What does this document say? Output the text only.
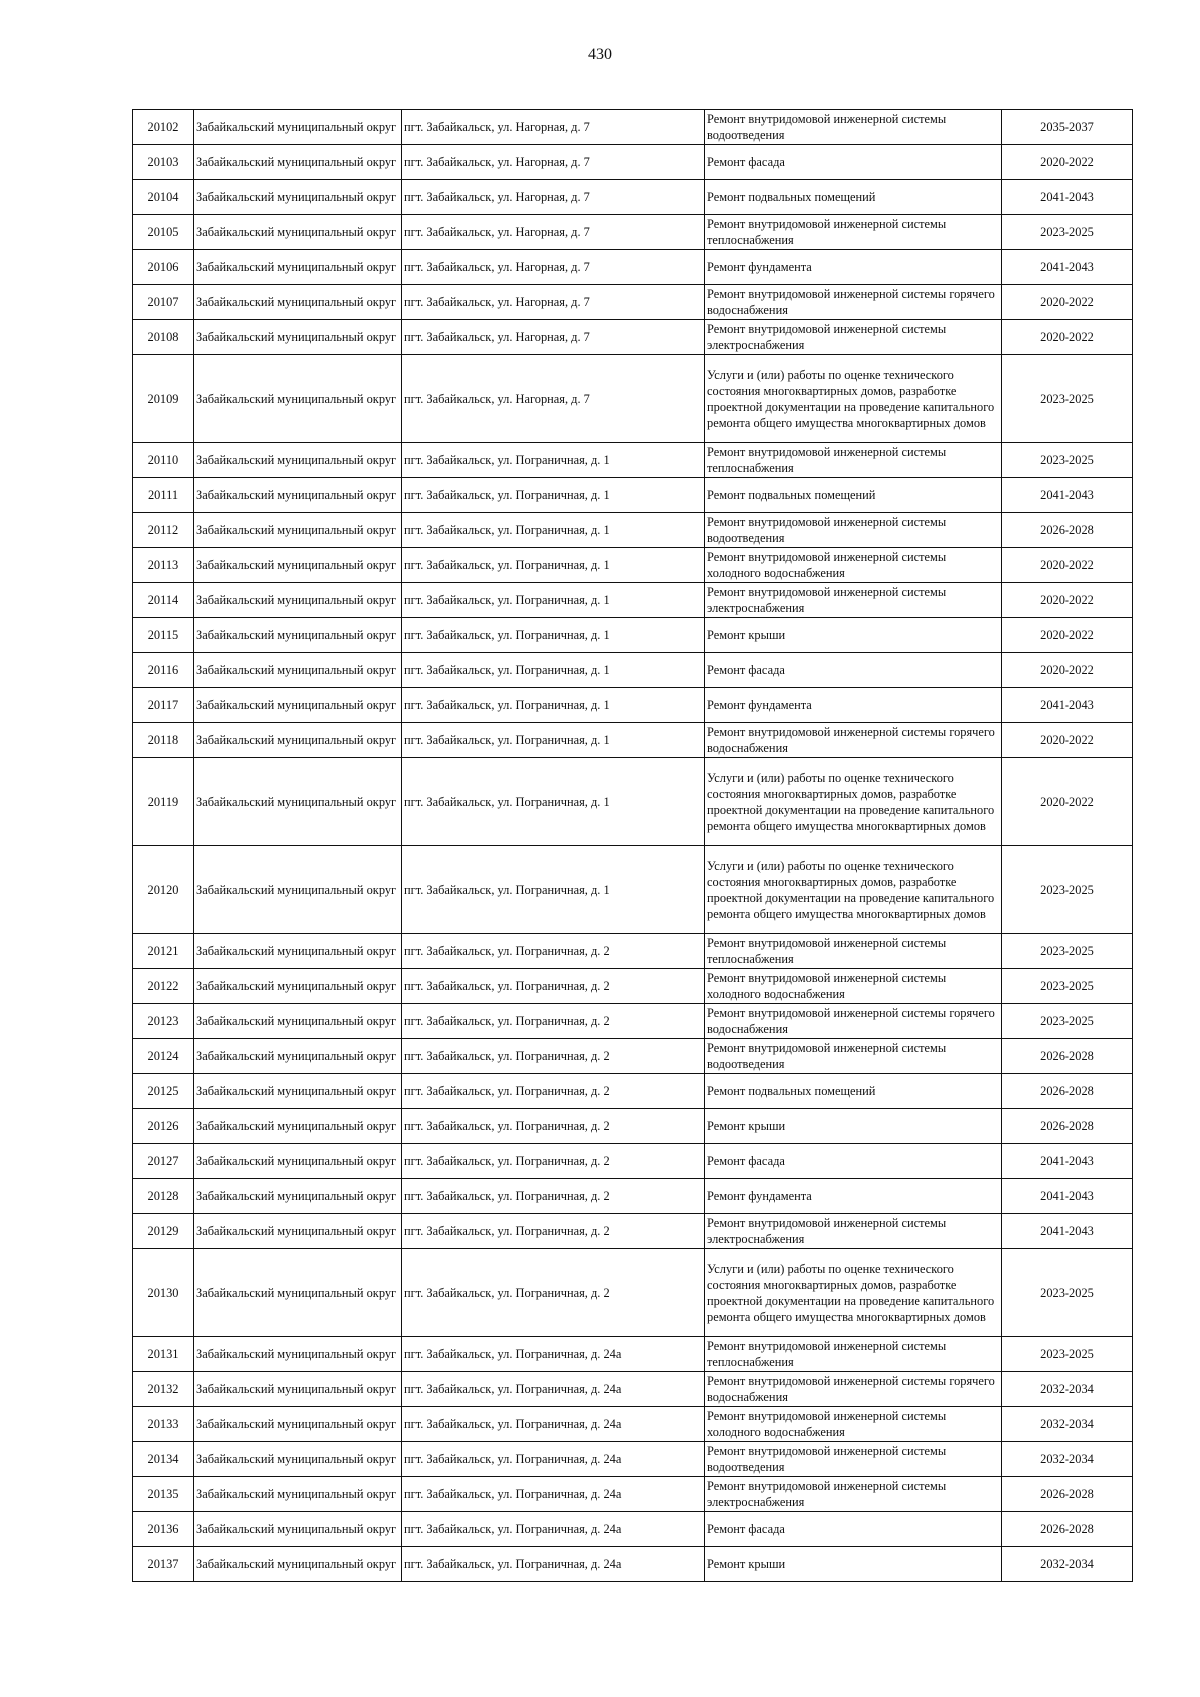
430
20102	Забайкальский муниципальный округ	пгт. Забайкальск, ул. Нагорная, д. 7	Ремонт внутридомовой инженерной системы водоотведения	2035-2037
20103	Забайкальский муниципальный округ	пгт. Забайкальск, ул. Нагорная, д. 7	Ремонт фасада	2020-2022
20104	Забайкальский муниципальный округ	пгт. Забайкальск, ул. Нагорная, д. 7	Ремонт подвальных помещений	2041-2043
20105	Забайкальский муниципальный округ	пгт. Забайкальск, ул. Нагорная, д. 7	Ремонт внутридомовой инженерной системы теплоснабжения	2023-2025
20106	Забайкальский муниципальный округ	пгт. Забайкальск, ул. Нагорная, д. 7	Ремонт фундамента	2041-2043
20107	Забайкальский муниципальный округ	пгт. Забайкальск, ул. Нагорная, д. 7	Ремонт внутридомовой инженерной системы горячего водоснабжения	2020-2022
20108	Забайкальский муниципальный округ	пгт. Забайкальск, ул. Нагорная, д. 7	Ремонт внутридомовой инженерной системы электроснабжения	2020-2022
20109	Забайкальский муниципальный округ	пгт. Забайкальск, ул. Нагорная, д. 7	Услуги и (или) работы по оценке технического состояния многоквартирных домов, разработке проектной документации на проведение капитального ремонта общего имущества многоквартирных домов	2023-2025
20110	Забайкальский муниципальный округ	пгт. Забайкальск, ул. Пограничная, д. 1	Ремонт внутридомовой инженерной системы теплоснабжения	2023-2025
20111	Забайкальский муниципальный округ	пгт. Забайкальск, ул. Пограничная, д. 1	Ремонт подвальных помещений	2041-2043
20112	Забайкальский муниципальный округ	пгт. Забайкальск, ул. Пограничная, д. 1	Ремонт внутридомовой инженерной системы водоотведения	2026-2028
20113	Забайкальский муниципальный округ	пгт. Забайкальск, ул. Пограничная, д. 1	Ремонт внутридомовой инженерной системы холодного водоснабжения	2020-2022
20114	Забайкальский муниципальный округ	пгт. Забайкальск, ул. Пограничная, д. 1	Ремонт внутридомовой инженерной системы электроснабжения	2020-2022
20115	Забайкальский муниципальный округ	пгт. Забайкальск, ул. Пограничная, д. 1	Ремонт крыши	2020-2022
20116	Забайкальский муниципальный округ	пгт. Забайкальск, ул. Пограничная, д. 1	Ремонт фасада	2020-2022
20117	Забайкальский муниципальный округ	пгт. Забайкальск, ул. Пограничная, д. 1	Ремонт фундамента	2041-2043
20118	Забайкальский муниципальный округ	пгт. Забайкальск, ул. Пограничная, д. 1	Ремонт внутридомовой инженерной системы горячего водоснабжения	2020-2022
20119	Забайкальский муниципальный округ	пгт. Забайкальск, ул. Пограничная, д. 1	Услуги и (или) работы по оценке технического состояния многоквартирных домов, разработке проектной документации на проведение капитального ремонта общего имущества многоквартирных домов	2020-2022
20120	Забайкальский муниципальный округ	пгт. Забайкальск, ул. Пограничная, д. 1	Услуги и (или) работы по оценке технического состояния многоквартирных домов, разработке проектной документации на проведение капитального ремонта общего имущества многоквартирных домов	2023-2025
20121	Забайкальский муниципальный округ	пгт. Забайкальск, ул. Пограничная, д. 2	Ремонт внутридомовой инженерной системы теплоснабжения	2023-2025
20122	Забайкальский муниципальный округ	пгт. Забайкальск, ул. Пограничная, д. 2	Ремонт внутридомовой инженерной системы холодного водоснабжения	2023-2025
20123	Забайкальский муниципальный округ	пгт. Забайкальск, ул. Пограничная, д. 2	Ремонт внутридомовой инженерной системы горячего водоснабжения	2023-2025
20124	Забайкальский муниципальный округ	пгт. Забайкальск, ул. Пограничная, д. 2	Ремонт внутридомовой инженерной системы водоотведения	2026-2028
20125	Забайкальский муниципальный округ	пгт. Забайкальск, ул. Пограничная, д. 2	Ремонт подвальных помещений	2026-2028
20126	Забайкальский муниципальный округ	пгт. Забайкальск, ул. Пограничная, д. 2	Ремонт крыши	2026-2028
20127	Забайкальский муниципальный округ	пгт. Забайкальск, ул. Пограничная, д. 2	Ремонт фасада	2041-2043
20128	Забайкальский муниципальный округ	пгт. Забайкальск, ул. Пограничная, д. 2	Ремонт фундамента	2041-2043
20129	Забайкальский муниципальный округ	пгт. Забайкальск, ул. Пограничная, д. 2	Ремонт внутридомовой инженерной системы электроснабжения	2041-2043
20130	Забайкальский муниципальный округ	пгт. Забайкальск, ул. Пограничная, д. 2	Услуги и (или) работы по оценке технического состояния многоквартирных домов, разработке проектной документации на проведение капитального ремонта общего имущества многоквартирных домов	2023-2025
20131	Забайкальский муниципальный округ	пгт. Забайкальск, ул. Пограничная, д. 24а	Ремонт внутридомовой инженерной системы теплоснабжения	2023-2025
20132	Забайкальский муниципальный округ	пгт. Забайкальск, ул. Пограничная, д. 24а	Ремонт внутридомовой инженерной системы горячего водоснабжения	2032-2034
20133	Забайкальский муниципальный округ	пгт. Забайкальск, ул. Пограничная, д. 24а	Ремонт внутридомовой инженерной системы холодного водоснабжения	2032-2034
20134	Забайкальский муниципальный округ	пгт. Забайкальск, ул. Пограничная, д. 24а	Ремонт внутридомовой инженерной системы водоотведения	2032-2034
20135	Забайкальский муниципальный округ	пгт. Забайкальск, ул. Пограничная, д. 24а	Ремонт внутридомовой инженерной системы электроснабжения	2026-2028
20136	Забайкальский муниципальный округ	пгт. Забайкальск, ул. Пограничная, д. 24а	Ремонт фасада	2026-2028
20137	Забайкальский муниципальный округ	пгт. Забайкальск, ул. Пограничная, д. 24а	Ремонт крыши	2032-2034
